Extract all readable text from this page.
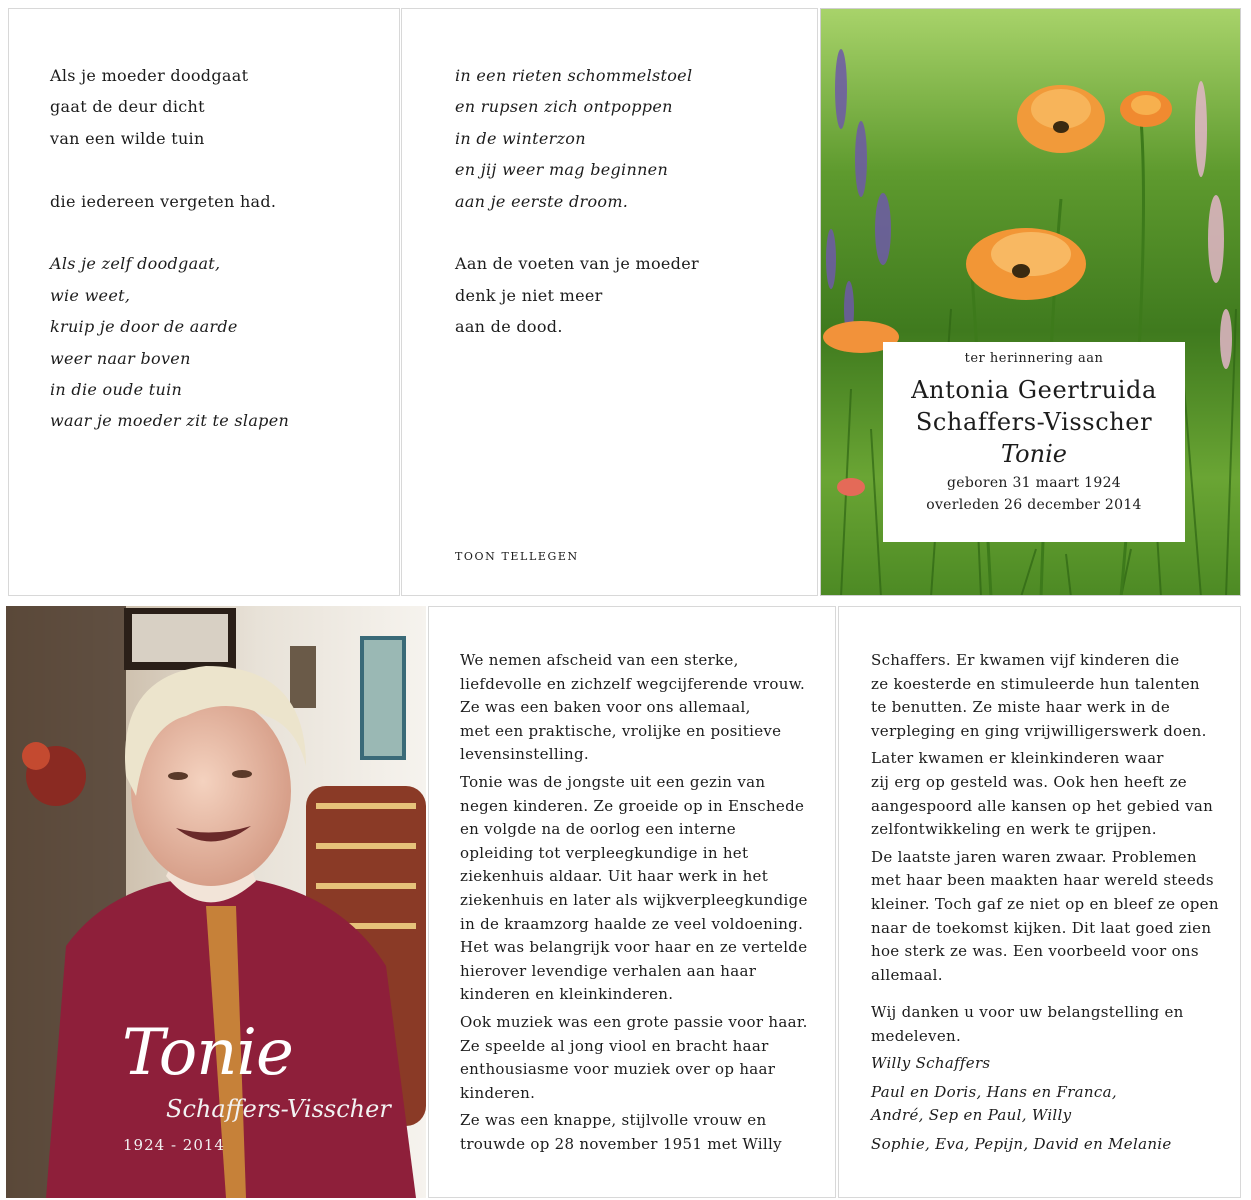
Als je moeder doodgaat
gaat de deur dicht
van een wilde tuin
die iedereen vergeten had.
Als je zelf doodgaat,
wie weet,
kruip je door de aarde
weer naar boven
in die oude tuin
waar je moeder zit te slapen
in een rieten schommelstoel
en rupsen zich ontpoppen
in de winterzon
en jij weer mag beginnen
aan je eerste droom.
Aan de voeten van je moeder
denk je niet meer
aan de dood.
TOON TELLEGEN
ter herinnering aan
Antonia Geertruida
Schaffers-Visscher
Tonie
geboren 31 maart 1924
overleden 26 december 2014
Tonie
Schaffers-Visscher
1924 - 2014

We nemen afscheid van een sterke,
liefdevolle en zichzelf wegcijferende vrouw.
Ze was een baken voor ons allemaal,
met een praktische, vrolijke en positieve
levensinstelling.

Tonie was de jongste uit een gezin van
negen kinderen. Ze groeide op in Enschede
en volgde na de oorlog een interne
opleiding tot verpleegkundige in het
ziekenhuis aldaar. Uit haar werk in het
ziekenhuis en later als wijkverpleegkundige
in de kraamzorg haalde ze veel voldoening.
Het was belangrijk voor haar en ze vertelde
hierover levendige verhalen aan haar
kinderen en kleinkinderen.

Ook muziek was een grote passie voor haar.
Ze speelde al jong viool en bracht haar
enthousiasme voor muziek over op haar
kinderen.

Ze was een knappe, stijlvolle vrouw en
trouwde op 28 november 1951 met Willy

Schaffers. Er kwamen vijf kinderen die
ze koesterde en stimuleerde hun talenten
te benutten. Ze miste haar werk in de
verpleging en ging vrijwilligerswerk doen.

Later kwamen er kleinkinderen waar
zij erg op gesteld was. Ook hen heeft ze
aangespoord alle kansen op het gebied van
zelfontwikkeling en werk te grijpen.

De laatste jaren waren zwaar. Problemen
met haar been maakten haar wereld steeds
kleiner. Toch gaf ze niet op en bleef ze open
naar de toekomst kijken. Dit laat goed zien
hoe sterk ze was. Een voorbeeld voor ons
allemaal.

Wij danken u voor uw belangstelling en
medeleven.

Willy Schaffers
Paul en Doris, Hans en Franca,
André, Sep en Paul, Willy
Sophie, Eva, Pepijn, David en Melanie
